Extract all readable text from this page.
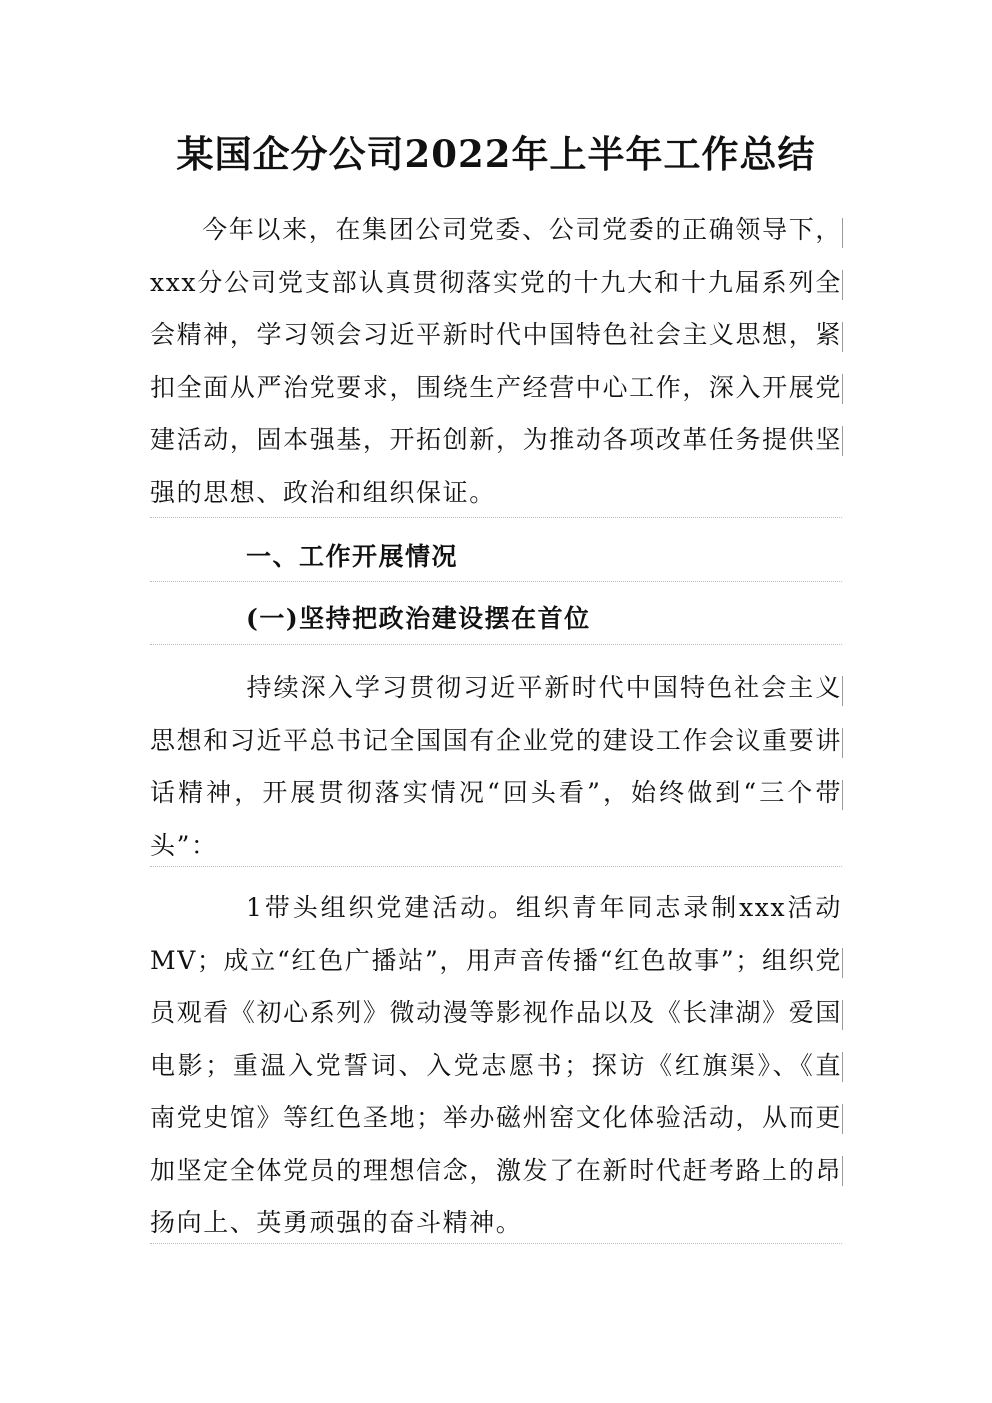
某国企分公司2022年上半年工作总结
今年以来，在集团公司党委、公司党委的正确领导下，xxx分公司党支部认真贯彻落实党的十九大和十九届系列全会精神，学习领会习近平新时代中国特色社会主义思想，紧扣全面从严治党要求，围绕生产经营中心工作，深入开展党建活动，固本强基，开拓创新，为推动各项改革任务提供坚强的思想、政治和组织保证。
一、工作开展情况
(一)坚持把政治建设摆在首位
持续深入学习贯彻习近平新时代中国特色社会主义思想和习近平总书记全国国有企业党的建设工作会议重要讲话精神，开展贯彻落实情况“回头看”，始终做到“三个带头”：
1带头组织党建活动。组织青年同志录制xxx活动MV；成立“红色广播站”，用声音传播“红色故事”；组织党员观看《初心系列》微动漫等影视作品以及《长津湖》爱国电影；重温入党誓词、入党志愿书；探访《红旗渠》、《直南党史馆》等红色圣地；举办磁州窑文化体验活动，从而更加坚定全体党员的理想信念，激发了在新时代赶考路上的昂扬向上、英勇顽强的奋斗精神。
